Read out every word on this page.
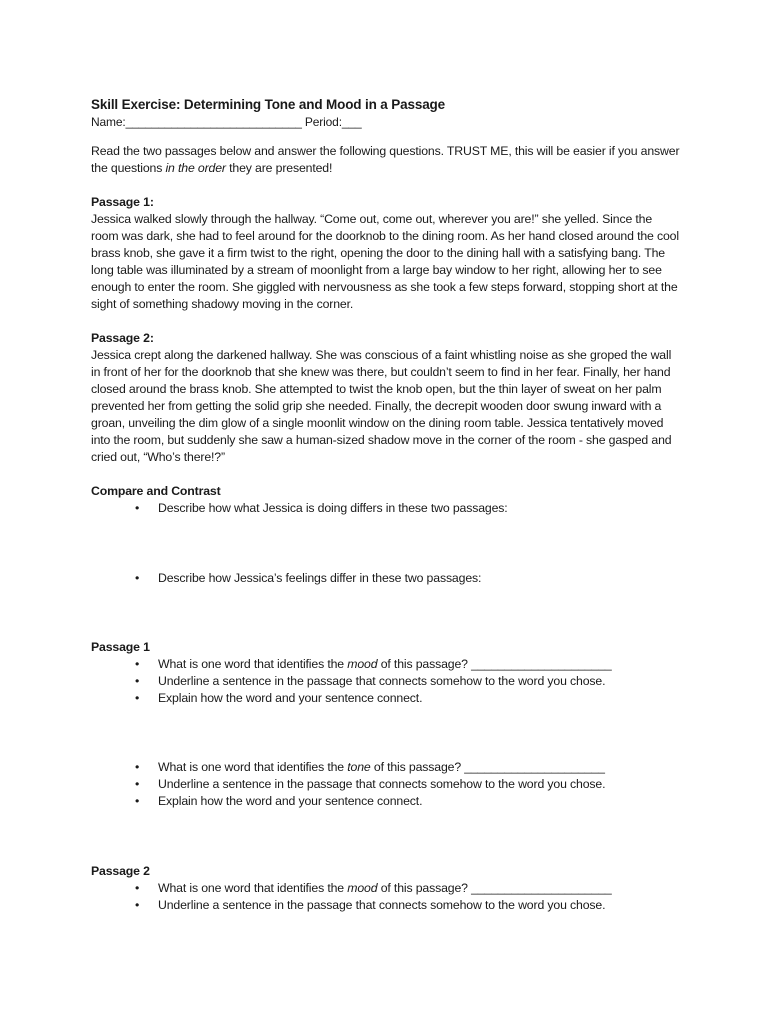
Skill Exercise: Determining Tone and Mood in a Passage

Name:___________________________ Period:___

Read the two passages below and answer the following questions. TRUST ME, this will be easier if you answer the questions in the order they are presented!

Passage 1:

Jessica walked slowly through the hallway. “Come out, come out, wherever you are!” she yelled. Since the room was dark, she had to feel around for the doorknob to the dining room. As her hand closed around the cool brass knob, she gave it a firm twist to the right, opening the door to the dining hall with a satisfying bang. The long table was illuminated by a stream of moonlight from a large bay window to her right, allowing her to see enough to enter the room. She giggled with nervousness as she took a few steps forward, stopping short at the sight of something shadowy moving in the corner.

Passage 2:

Jessica crept along the darkened hallway. She was conscious of a faint whistling noise as she groped the wall in front of her for the doorknob that she knew was there, but couldn’t seem to find in her fear. Finally, her hand closed around the brass knob. She attempted to twist the knob open, but the thin layer of sweat on her palm prevented her from getting the solid grip she needed. Finally, the decrepit wooden door swung inward with a groan, unveiling the dim glow of a single moonlit window on the dining room table. Jessica tentatively moved into the room, but suddenly she saw a human-sized shadow move in the corner of the room - she gasped and cried out, “Who’s there!?”

Compare and Contrast

• Describe how what Jessica is doing differs in these two passages:
• Describe how Jessica’s feelings differ in these two passages:

Passage 1

• What is one word that identifies the mood of this passage? _____________________
• Underline a sentence in the passage that connects somehow to the word you chose.
• Explain how the word and your sentence connect.
• What is one word that identifies the tone of this passage? _____________________
• Underline a sentence in the passage that connects somehow to the word you chose.
• Explain how the word and your sentence connect.

Passage 2

• What is one word that identifies the mood of this passage? _____________________
• Underline a sentence in the passage that connects somehow to the word you chose.
